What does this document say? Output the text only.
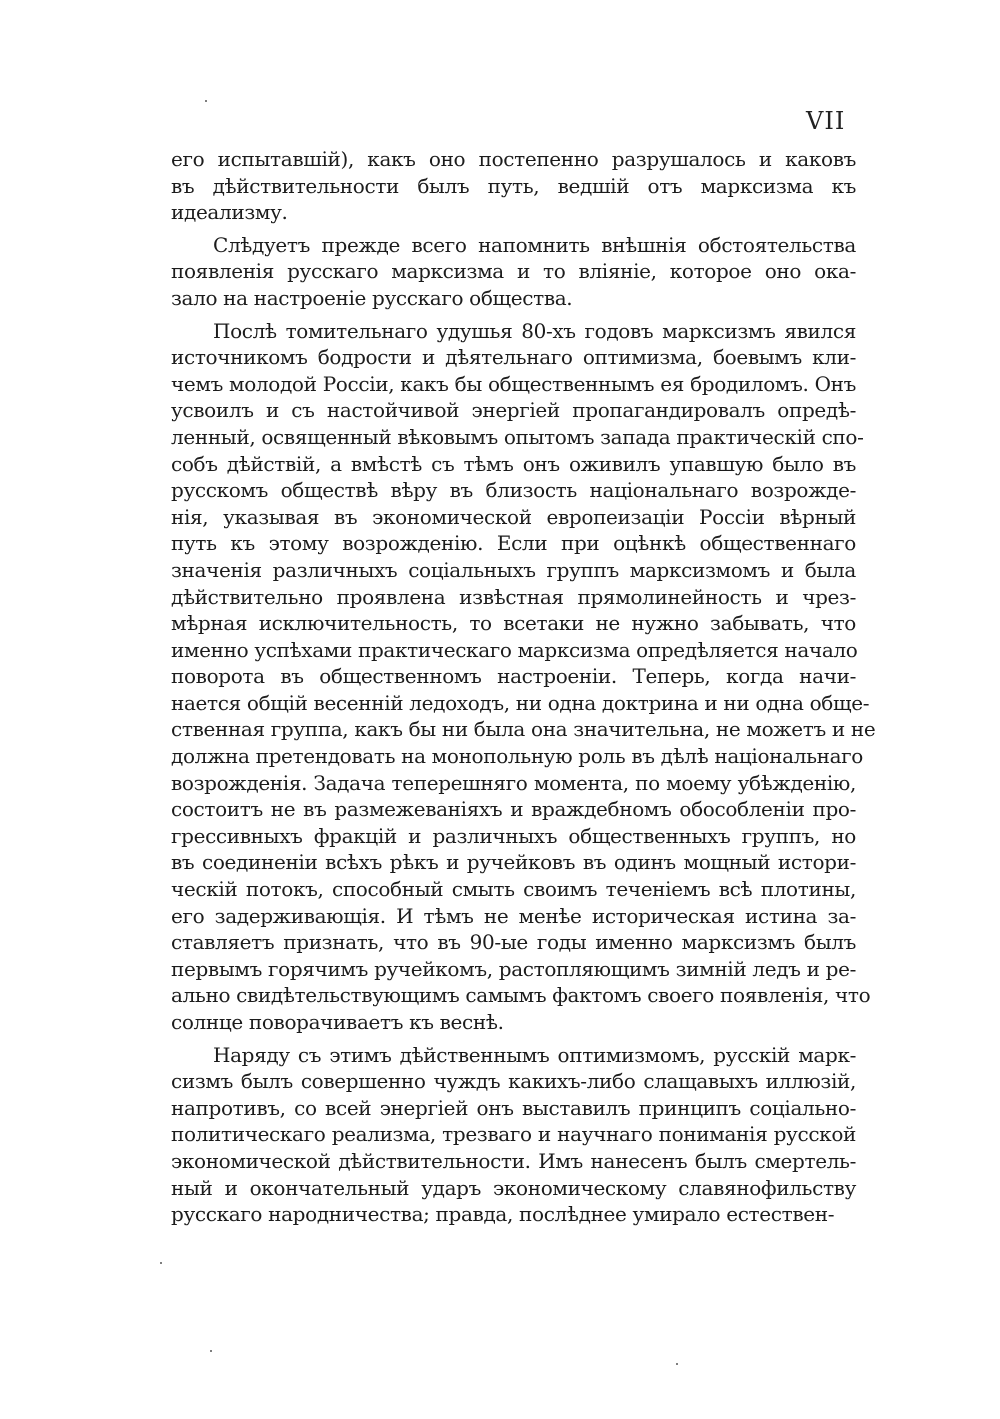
VII
его испытавшій), какъ оно постепенно разрушалось и каковъ
въ дѣйствительности былъ путь, ведшій отъ марксизма къ
идеализму.
Слѣдуетъ прежде всего напомнить внѣшнія обстоятельства
появленія русскаго марксизма и то вліяніе, которое оно ока-
зало на настроеніе русскаго общества.
Послѣ томительнаго удушья 80-хъ годовъ марксизмъ явился
источникомъ бодрости и дѣятельнаго оптимизма, боевымъ кли-
чемъ молодой Россіи, какъ бы общественнымъ ея бродиломъ. Онъ
усвоилъ и съ настойчивой энергіей пропагандировалъ опредѣ-
ленный, освященный вѣковымъ опытомъ запада практическій спо-
собъ дѣйствій, а вмѣстѣ съ тѣмъ онъ оживилъ упавшую было въ
русскомъ обществѣ вѣру въ близость національнаго возрожде-
нія, указывая въ экономической европеизаціи Россіи вѣрный
путь къ этому возрожденію. Если при оцѣнкѣ общественнаго
значенія различныхъ соціальныхъ группъ марксизмомъ и была
дѣйствительно проявлена извѣстная прямолинейность и чрез-
мѣрная исключительность, то всетаки не нужно забывать, что
именно успѣхами практическаго марксизма опредѣляется начало
поворота въ общественномъ настроеніи. Теперь, когда начи-
нается общій весенній ледоходъ, ни одна доктрина и ни одна обще-
ственная группа, какъ бы ни была она значительна, не можетъ и не
должна претендовать на монопольную роль въ дѣлѣ національнаго
возрожденія. Задача теперешняго момента, по моему убѣжденію,
состоитъ не въ размежеваніяхъ и враждебномъ обособленіи про-
грессивныхъ фракцій и различныхъ общественныхъ группъ, но
въ соединеніи всѣхъ рѣкъ и ручейковъ въ одинъ мощный истори-
ческій потокъ, способный смыть своимъ теченіемъ всѣ плотины,
его задерживающія. И тѣмъ не менѣе историческая истина за-
ставляетъ признать, что въ 90-ые годы именно марксизмъ былъ
первымъ горячимъ ручейкомъ, растопляющимъ зимній ледъ и ре-
ально свидѣтельствующимъ самымъ фактомъ своего появленія, что
солнце поворачиваетъ къ веснѣ.
Наряду съ этимъ дѣйственнымъ оптимизмомъ, русскій марк-
сизмъ былъ совершенно чуждъ какихъ-либо слащавыхъ иллюзій,
напротивъ, со всей энергіей онъ выставилъ принципъ соціально-
политическаго реализма, трезваго и научнаго пониманія русской
экономической дѣйствительности. Имъ нанесенъ былъ смертель-
ный и окончательный ударъ экономическому славянофильству
русскаго народничества; правда, послѣднее умирало естествен-
